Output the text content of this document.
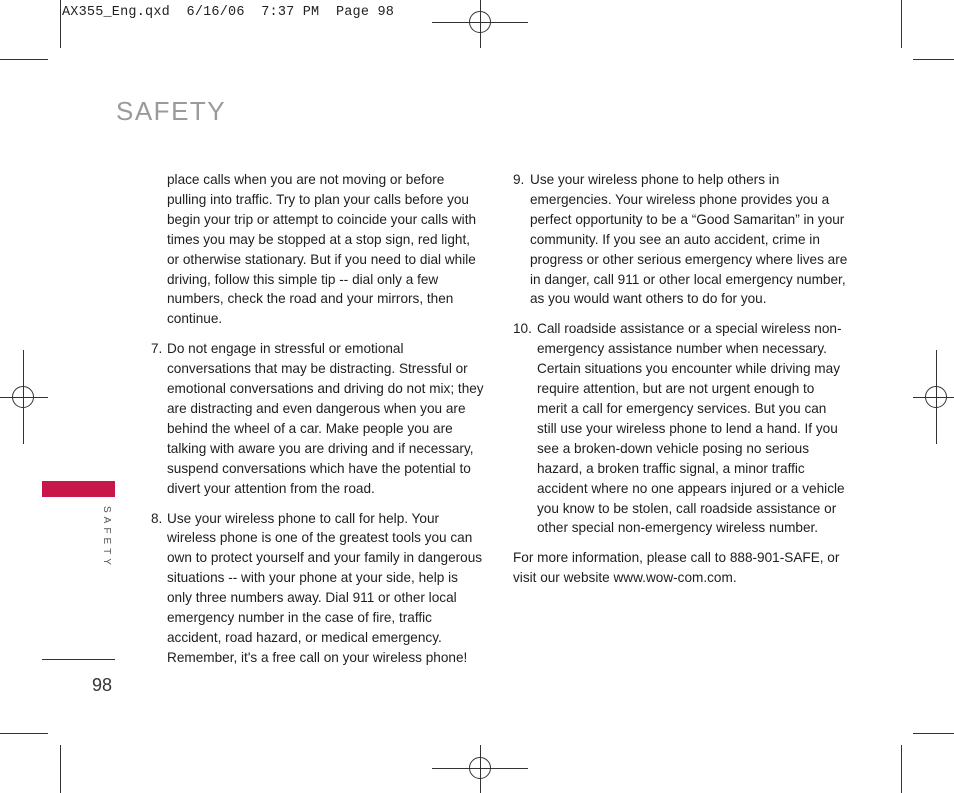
AX355_Eng.qxd  6/16/06  7:37 PM  Page 98
SAFETY
SAFETY
98

place calls when you are not moving or before pulling into traffic. Try to plan your calls before you begin your trip or attempt to coincide your calls with times you may be stopped at a stop sign, red light, or otherwise stationary. But if you need to dial while driving, follow this simple tip -- dial only a few numbers, check the road and your mirrors, then continue.

7. Do not engage in stressful or emotional conversations that may be distracting. Stressful or emotional conversations and driving do not mix; they are distracting and even dangerous when you are behind the wheel of a car. Make people you are talking with aware you are driving and if necessary, suspend conversations which have the potential to divert your attention from the road.
8. Use your wireless phone to call for help. Your wireless phone is one of the greatest tools you can own to protect yourself and your family in dangerous situations -- with your phone at your side, help is only three numbers away. Dial 911 or other local emergency number in the case of fire, traffic accident, road hazard, or medical emergency. Remember, it's a free call on your wireless phone!
9. Use your wireless phone to help others in emergencies. Your wireless phone provides you a perfect opportunity to be a “Good Samaritan” in your community. If you see an auto accident, crime in progress or other serious emergency where lives are in danger, call 911 or other local emergency number, as you would want others to do for you.
10. Call roadside assistance or a special wireless non-emergency assistance number when necessary. Certain situations you encounter while driving may require attention, but are not urgent enough to merit a call for emergency services. But you can still use your wireless phone to lend a hand. If you see a broken-down vehicle posing no serious hazard, a broken traffic signal, a minor traffic accident where no one appears injured or a vehicle you know to be stolen, call roadside assistance or other special non-emergency wireless number.

For more information, please call to 888-901-SAFE, or visit our website www.wow-com.com.
